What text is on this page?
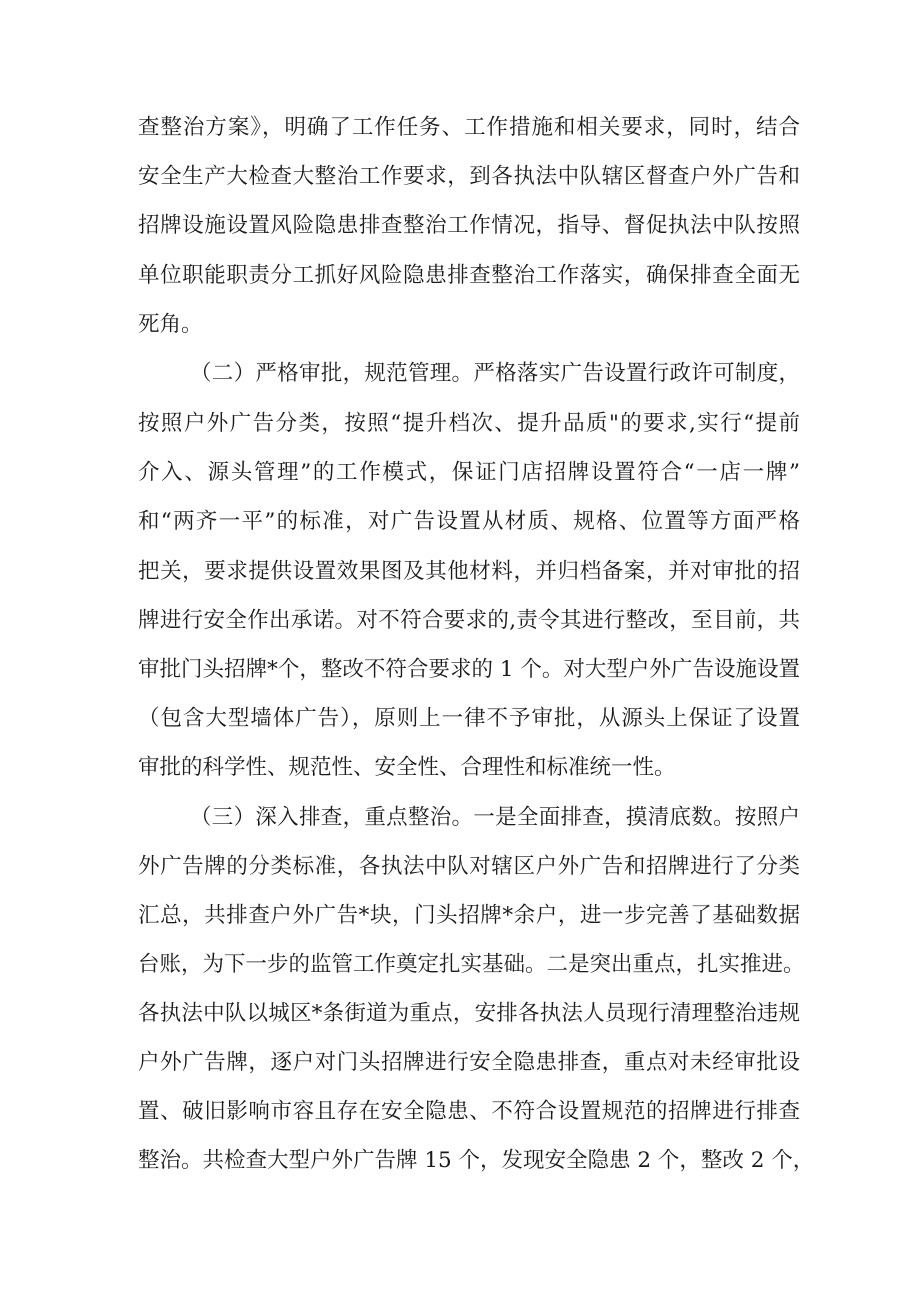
查整治方案》，明确了工作任务、工作措施和相关要求，同时，结合
安全生产大检查大整治工作要求，到各执法中队辖区督查户外广告和
招牌设施设置风险隐患排查整治工作情况，指导、督促执法中队按照
单位职能职责分工抓好风险隐患排查整治工作落实，确保排查全面无
死角。
（二）严格审批，规范管理。严格落实广告设置行政许可制度，
按照户外广告分类，按照“提升档次、提升品质"的要求,实行“提前
介入、源头管理”的工作模式，保证门店招牌设置符合“一店一牌”
和“两齐一平”的标准，对广告设置从材质、规格、位置等方面严格
把关，要求提供设置效果图及其他材料，并归档备案，并对审批的招
牌进行安全作出承诺。对不符合要求的,责令其进行整改，至目前，共
审批门头招牌*个，整改不符合要求的 1 个。对大型户外广告设施设置
（包含大型墙体广告），原则上一律不予审批，从源头上保证了设置
审批的科学性、规范性、安全性、合理性和标准统一性。
（三）深入排查，重点整治。一是全面排查，摸清底数。按照户
外广告牌的分类标准，各执法中队对辖区户外广告和招牌进行了分类
汇总，共排查户外广告*块，门头招牌*余户，进一步完善了基础数据
台账，为下一步的监管工作奠定扎实基础。二是突出重点，扎实推进。
各执法中队以城区*条街道为重点，安排各执法人员现行清理整治违规
户外广告牌，逐户对门头招牌进行安全隐患排查，重点对未经审批设
置、破旧影响市容且存在安全隐患、不符合设置规范的招牌进行排查
整治。共检查大型户外广告牌 15 个，发现安全隐患 2 个，整改 2 个，
